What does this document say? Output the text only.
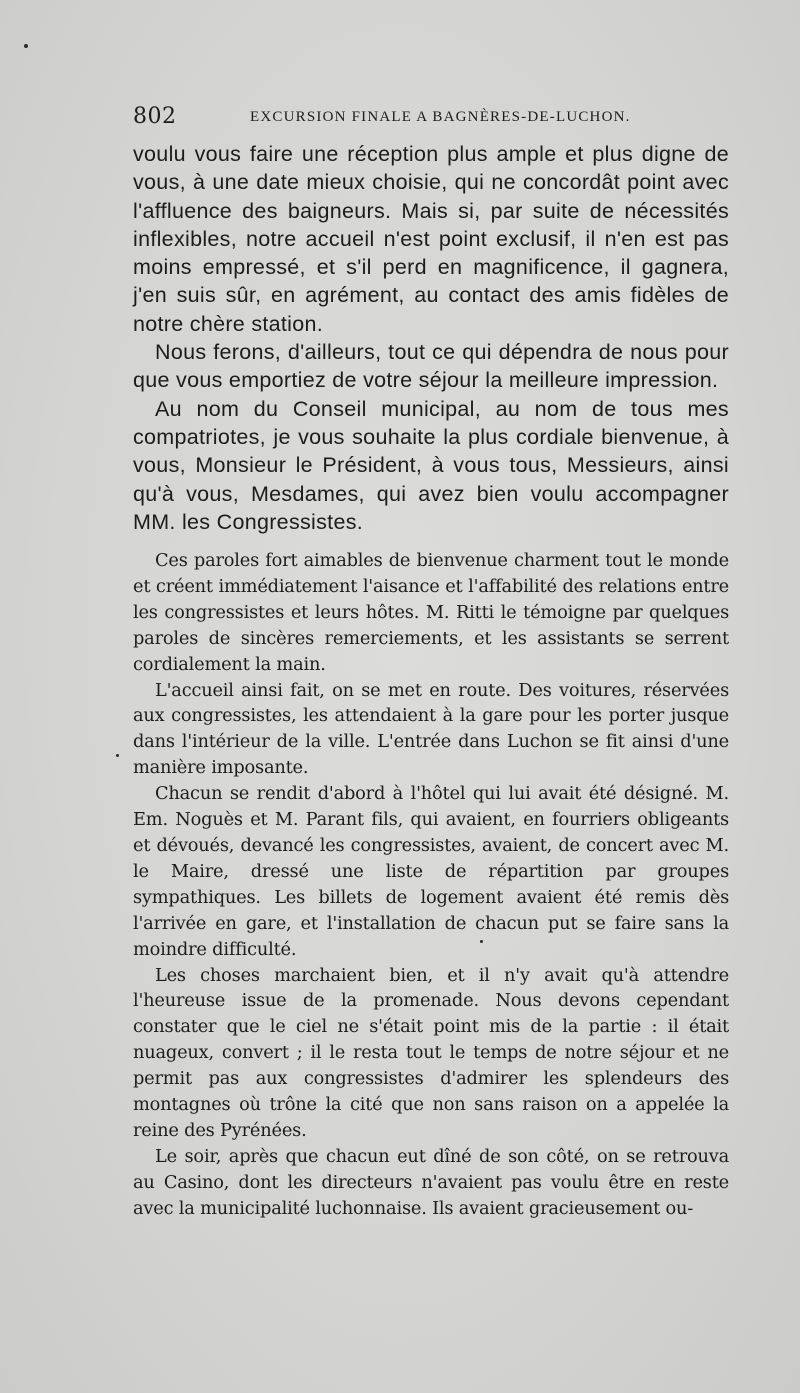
802	EXCURSION FINALE A BAGNÈRES-DE-LUCHON.

voulu vous faire une réception plus ample et plus digne de vous, à une date mieux choisie, qui ne concordât point avec l'affluence des baigneurs. Mais si, par suite de nécessités inflexibles, notre accueil n'est point exclusif, il n'en est pas moins empressé, et s'il perd en magnificence, il gagnera, j'en suis sûr, en agrément, au contact des amis fidèles de notre chère station.

Nous ferons, d'ailleurs, tout ce qui dépendra de nous pour que vous emportiez de votre séjour la meilleure impression.

Au nom du Conseil municipal, au nom de tous mes compatriotes, je vous souhaite la plus cordiale bienvenue, à vous, Monsieur le Président, à vous tous, Messieurs, ainsi qu'à vous, Mesdames, qui avez bien voulu accompagner MM. les Congressistes.

Ces paroles fort aimables de bienvenue charment tout le monde et créent immédiatement l'aisance et l'affabilité des relations entre les congressistes et leurs hôtes. M. Ritti le témoigne par quelques paroles de sincères remerciements, et les assistants se serrent cordialement la main.

L'accueil ainsi fait, on se met en route. Des voitures, réservées aux congressistes, les attendaient à la gare pour les porter jusque dans l'intérieur de la ville. L'entrée dans Luchon se fit ainsi d'une manière imposante.

Chacun se rendit d'abord à l'hôtel qui lui avait été désigné. M. Em. Noguès et M. Parant fils, qui avaient, en fourriers obligeants et dévoués, devancé les congressistes, avaient, de concert avec M. le Maire, dressé une liste de répartition par groupes sympathiques. Les billets de logement avaient été remis dès l'arrivée en gare, et l'installation de chacun put se faire sans la moindre difficulté.

Les choses marchaient bien, et il n'y avait qu'à attendre l'heureuse issue de la promenade. Nous devons cependant constater que le ciel ne s'était point mis de la partie : il était nuageux, convert ; il le resta tout le temps de notre séjour et ne permit pas aux congressistes d'admirer les splendeurs des montagnes où trône la cité que non sans raison on a appelée la reine des Pyrénées.

Le soir, après que chacun eut dîné de son côté, on se retrouva au Casino, dont les directeurs n'avaient pas voulu être en reste avec la municipalité luchonnaise. Ils avaient gracieusement ou-
